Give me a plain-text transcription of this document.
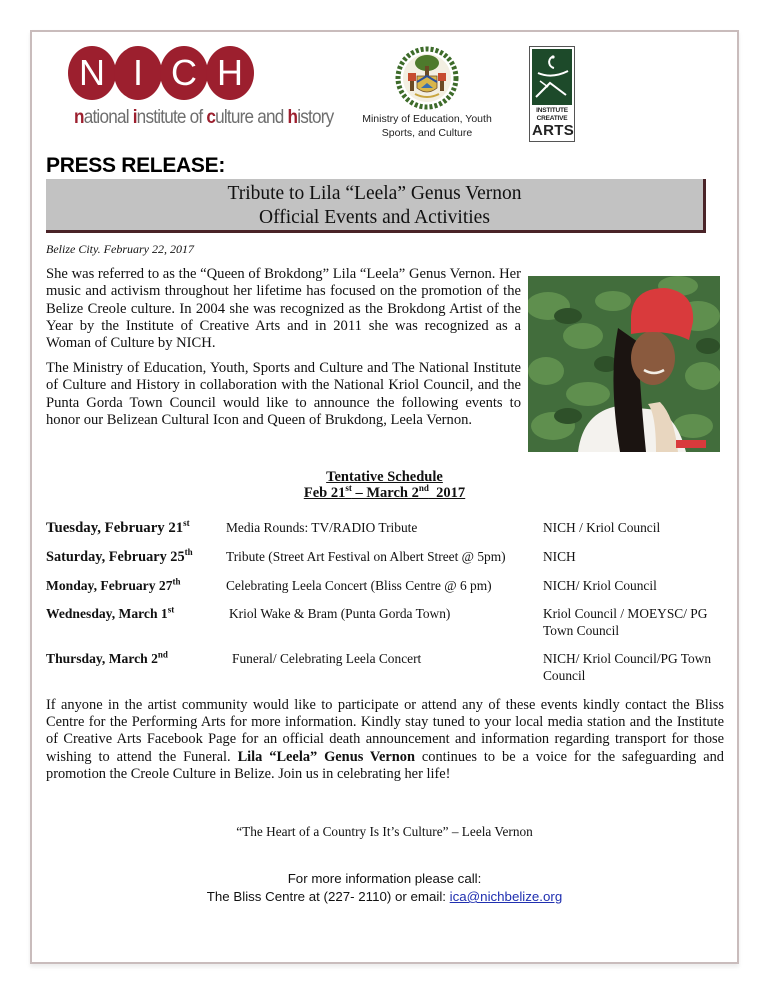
N I C H
national institute of culture and history	Ministry of Education, Youth
Sports, and Culture
INSTITUTE
CREATIVE
ARTS
PRESS RELEASE:
Tribute to Lila “Leela” Genus Vernon
Official Events and Activities
Belize City. February 22, 2017

She was referred to as the “Queen of Brokdong” Lila “Leela” Genus Vernon. Her music and activism throughout her lifetime has focused on the promotion of the Belize Creole culture. In 2004 she was recognized as the Brokdong Artist of the Year by the Institute of Creative Arts and in 2011 she was recognized as a Woman of Culture by NICH.

The Ministry of Education, Youth, Sports and Culture and The National Institute of Culture and History in collaboration with the National Kriol Council, and the Punta Gorda Town Council would like to announce the following events to honor our Belizean Cultural Icon and Queen of Brukdong, Leela Vernon.

Tentative Schedule
Feb 21st – March 2nd  2017
Tuesday, February 21st	Media Rounds: TV/RADIO Tribute	NICH / Kriol Council
Saturday, February 25th	Tribute (Street Art Festival on Albert Street @ 5pm)	NICH
Monday, February 27th	Celebrating Leela Concert (Bliss Centre @ 6 pm)	NICH/ Kriol Council
Wednesday, March 1st	Kriol Wake & Bram (Punta Gorda Town)	Kriol Council / MOEYSC/ PG Town Council
Thursday, March 2nd	Funeral/ Celebrating Leela Concert	NICH/ Kriol Council/PG Town Council

If anyone in the artist community would like to participate or attend any of these events kindly contact the Bliss Centre for the Performing Arts for more information. Kindly stay tuned to your local media station and the Institute of Creative Arts Facebook Page for an official death announcement and information regarding transport for those wishing to attend the Funeral. Lila “Leela” Genus Vernon continues to be a voice for the safeguarding and promotion the Creole Culture in Belize. Join us in celebrating her life!

“The Heart of a Country Is It’s Culture” – Leela Vernon
For more information please call:
The Bliss Centre at (227- 2110) or email: ica@nichbelize.org
